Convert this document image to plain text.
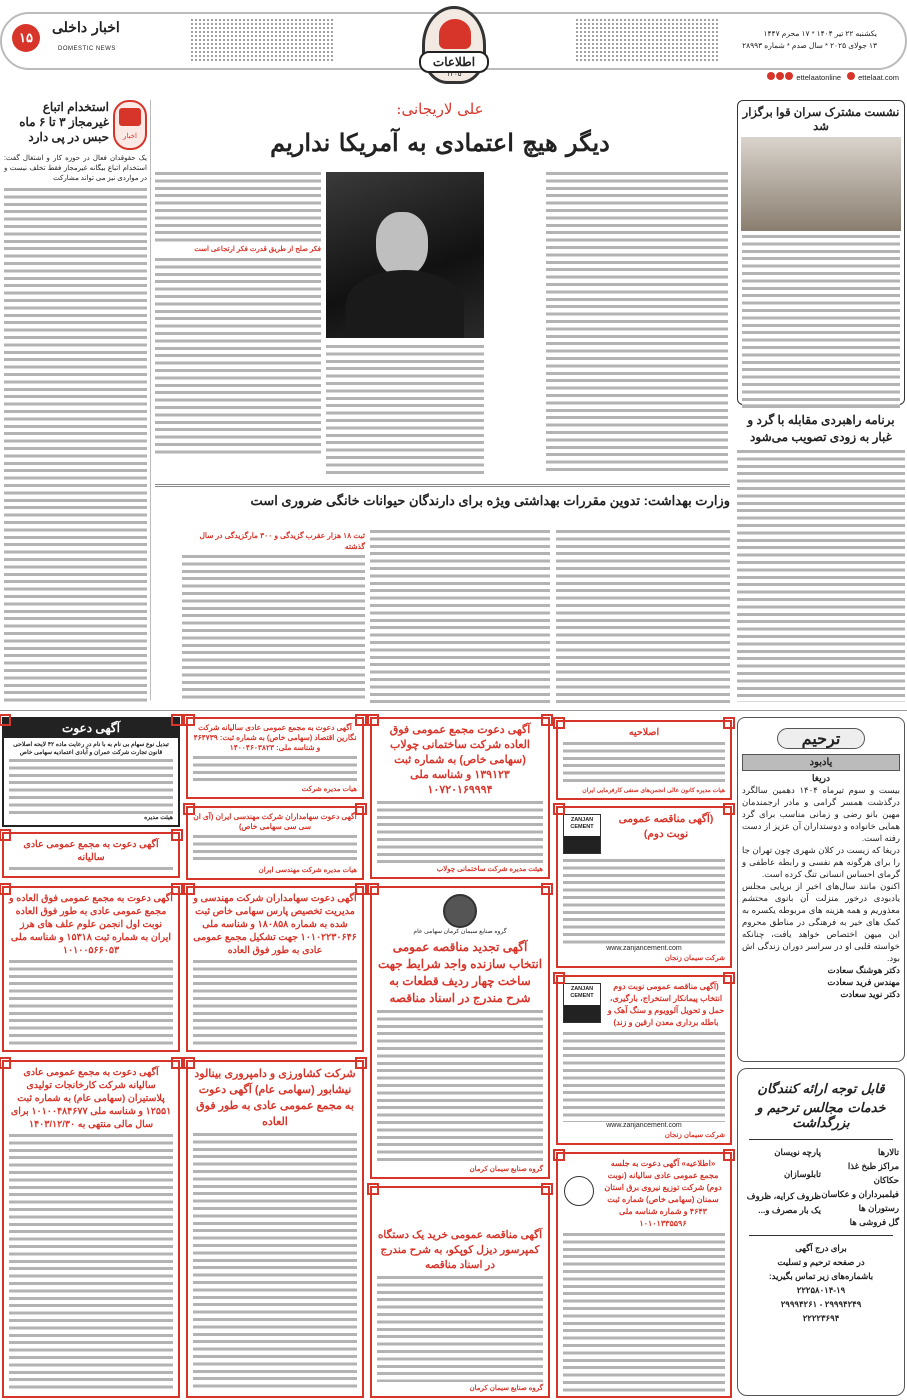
۱۵
اخبار داخلی
DOMESTIC NEWS
اطلاعات
۱۳۰۵
یکشنبه ۲۲ تیر ۱۴۰۴ * ۱۷ محرم ۱۴۴۷
۱۳ جولای ۲۰۲۵ * سال صدم * شماره ۲۸۹۹۳
ettelaatonline	ettelaat.com
اخبار
استخدام اتباع غیرمجاز ۳ تا ۶ ماه حبس در پی دارد

یک حقوقدان فعال در حوزه کار و اشتغال گفت: استخدام اتباع بیگانه غیرمجاز فقط تخلف نیست و در مواردی نیز می تواند مشارکت

علی لاریجانی:
دیگر هیچ اعتمادی به آمریکا نداریم
فکر صلح از طریق قدرت فکر ارتجاعی است
وزارت بهداشت: تدوین مقررات بهداشتی ویژه برای دارندگان حیوانات خانگی ضروری است
ثبت ۱۸ هزار عقرب گزیدگی و ۳۰۰ مارگزیدگی در سال گذشته
نشست مشترک سران قوا برگزار شد
برنامه راهبردی مقابله با گرد و غبار به زودی تصویب می‌شود
ترحیم
یادبود
دریغا

بیست و سوم تیرماه ۱۴۰۴ دهمین سالگرد درگذشت همسر گرامی و مادر ارجمندمان مهین بانو رضی و زمانی مناسب برای گرد همایی خانواده و دوستداران آن عزیز از دست رفته است.

دریغا که زیست در کلان شهری چون تهران جا را برای هرگونه هم نفسی و رابطه عاطفی و گرمای احساس انسانی تنگ کرده است.

اکنون مانند سال‌های اخیر از برپایی مجلس یادبودی درخور منزلت آن بانوی محتشم معذوریم و همه هزینه های مربوطه یکسره به کمک های خیر به فرهنگی در مناطق محروم این میهن اختصاص خواهد یافت، چنانکه خواسته قلبی او در سراسر دوران زندگی اش بود.

دکتر هوشنگ سعادت
مهندس فرید سعادت
دکتر نوید سعادت
قابل توجه ارائه کنندگان
خدمات مجالس ترحیم و بزرگداشت
تالارها
مراکز طبخ غذا
حکاکان
فیلمبرداران و عکاسان
رستوران ها
گل فروشی ها
پارچه نویسان
تابلوسازان
ظروف کرایه، ظروف یک بار مصرف و...
برای درج آگهی
در صفحه ترحیم و تسلیت
باشماره‌های زیر تماس بگیرید:
۲۲۲۵۸۰۱۴-۱۹
۲۹۹۹۴۲۴۹ - ۲۹۹۹۴۲۶۱
۲۲۲۲۳۶۹۴
آگهی دعوت
تبدیل نوع سهام بی نام به با نام در رعایت ماده ۴۲ لایحه اصلاحی قانون تجارت شرکت عمران و آبادی اعتمادیه سهامی خاص
هیئت مدیره
آگهی دعوت به مجمع عمومی عادی سالیانه
آگهی دعوت به مجمع عمومی فوق العاده و مجمع عمومی عادی به طور فوق العاده نوبت اول انجمن علوم علف های هرز ایران به شماره ثبت ۱۵۳۱۸ و شناسه ملی ۱۰۱۰۰۵۶۶۰۵۳
آگهی دعوت به مجمع عمومی عادی سالیانه شرکت کارخانجات تولیدی پلاستیران (سهامی عام) به شماره ثبت ۱۲۵۵۱ و شناسه ملی ۱۰۱۰۰۴۸۴۶۷۷ برای سال مالی منتهی به ۱۴۰۳/۱۲/۳۰
آگهی دعوت به مجمع عمومی عادی سالیانه شرکت نگارین اقتصاد (سهامی خاص) به شماره ثبت: ۴۶۴۷۳۹ و شناسه ملی: ۱۴۰۰۴۶۰۳۸۲۳
هیات مدیره شرکت
آگهی دعوت سهامداران شرکت مهندسی ایران (آی ان سی سی سهامی خاص)
هیات مدیره شرکت مهندسی ایران
آگهی دعوت سهامداران شرکت مهندسی و مدیریت تخصیص پارس سهامی خاص ثبت شده به شماره ۱۸۰۸۵۸ و شناسه ملی ۱۰۱۰۲۲۳۰۶۴۶ جهت تشکیل مجمع عمومی عادی به طور فوق العاده
شرکت کشاورزی و دامپروری بینالود نیشابور (سهامی عام) آگهی دعوت به مجمع عمومی عادی به طور فوق العاده
آگهی دعوت مجمع عمومی فوق العاده شرکت ساختمانی چولاب (سهامی خاص) به شماره ثبت ۱۳۹۱۲۳ و شناسه ملی ۱۰۷۲۰۱۶۹۹۹۴
هیئت مدیره شرکت ساختمانی چولاب
گروه صنایع سیمان کرمان سهامی عام
آگهی تجدید مناقصه عمومی انتخاب سازنده واجد شرایط جهت ساخت چهار ردیف قطعات به شرح مندرج در اسناد مناقصه
گروه صنایع سیمان کرمان
آگهی مناقصه عمومی خرید یک دستگاه کمپرسور دیزل کوپکو، به شرح مندرج در اسناد مناقصه
گروه صنایع سیمان کرمان
اصلاحیه
هیات مدیره کانون عالی انجمن‌های صنفی کارفرمایی ایران
ZANJAN CEMENT
(آگهی مناقصه عمومی نوبت دوم)
www.zanjancement.com
شرکت سیمان زنجان
ZANJAN CEMENT
(آگهی مناقصه عمومی نوبت دوم انتخاب پیمانکار استخراج، بارگیری، حمل و تحویل آلوویوم و سنگ آهک و باطله برداری معدن ارقین و زند)
www.zanjancement.com
شرکت سیمان زنجان
«اطلاعیه» آگهی دعوت به جلسه مجمع عمومی عادی سالیانه (نوبت دوم) شرکت توزیع نیروی برق استان سمنان (سهامی خاص) شماره ثبت ۴۶۴۳ و شماره شناسه ملی ۱۰۱۰۱۳۳۵۵۹۶
